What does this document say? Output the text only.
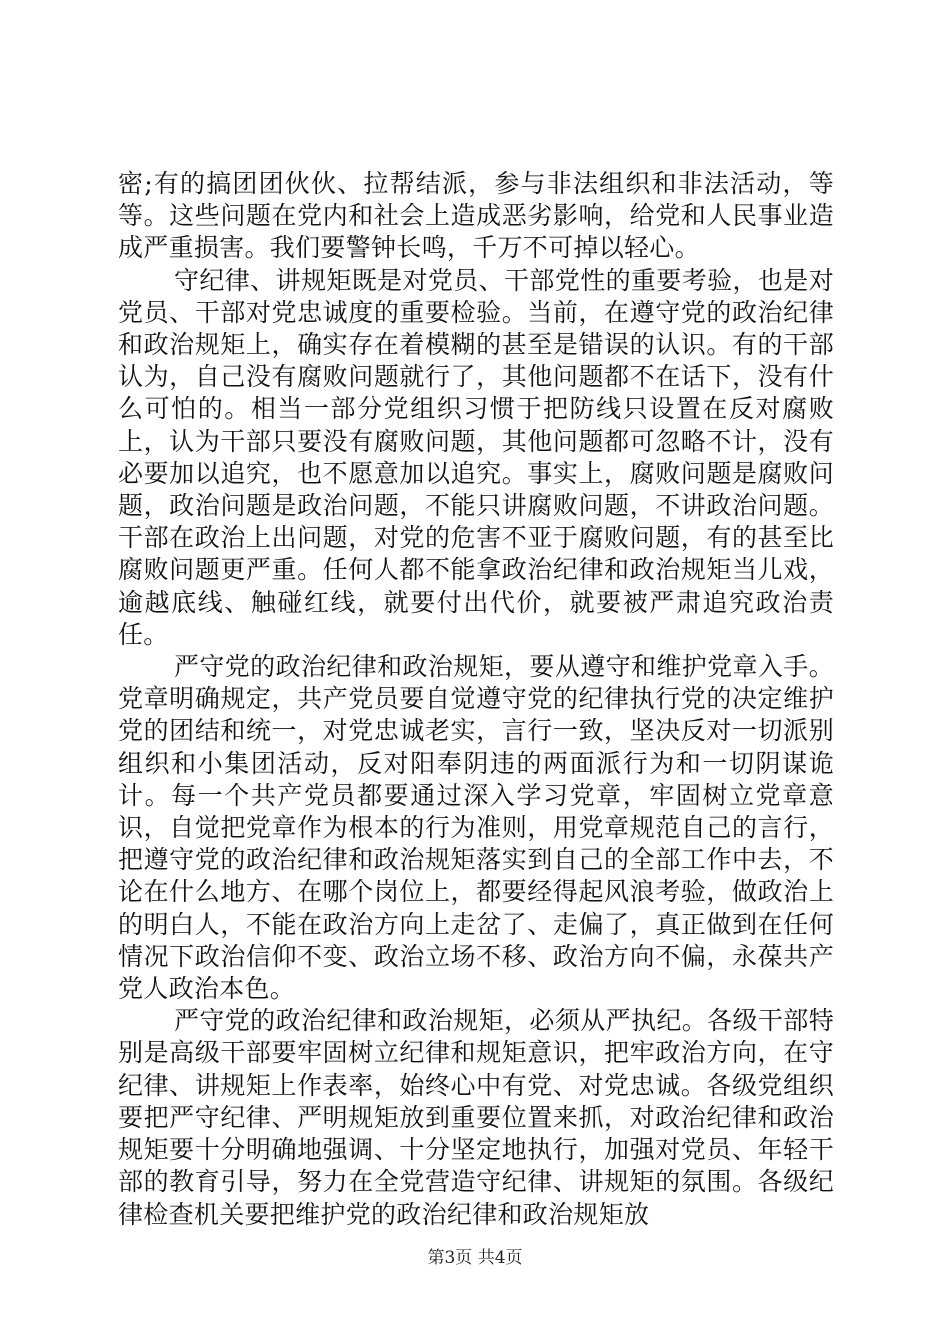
密;有的搞团团伙伙、拉帮结派，参与非法组织和非法活动，等等。这些问题在党内和社会上造成恶劣影响，给党和人民事业造成严重损害。我们要警钟长鸣，千万不可掉以轻心。

守纪律、讲规矩既是对党员、干部党性的重要考验，也是对党员、干部对党忠诚度的重要检验。当前，在遵守党的政治纪律和政治规矩上，确实存在着模糊的甚至是错误的认识。有的干部认为，自己没有腐败问题就行了，其他问题都不在话下，没有什么可怕的。相当一部分党组织习惯于把防线只设置在反对腐败上，认为干部只要没有腐败问题，其他问题都可忽略不计，没有必要加以追究，也不愿意加以追究。事实上，腐败问题是腐败问题，政治问题是政治问题，不能只讲腐败问题，不讲政治问题。干部在政治上出问题，对党的危害不亚于腐败问题，有的甚至比腐败问题更严重。任何人都不能拿政治纪律和政治规矩当儿戏，逾越底线、触碰红线，就要付出代价，就要被严肃追究政治责任。

严守党的政治纪律和政治规矩，要从遵守和维护党章入手。党章明确规定，共产党员要自觉遵守党的纪律执行党的决定维护党的团结和统一，对党忠诚老实，言行一致，坚决反对一切派别组织和小集团活动，反对阳奉阴违的两面派行为和一切阴谋诡计。每一个共产党员都要通过深入学习党章，牢固树立党章意识，自觉把党章作为根本的行为准则，用党章规范自己的言行，把遵守党的政治纪律和政治规矩落实到自己的全部工作中去，不论在什么地方、在哪个岗位上，都要经得起风浪考验，做政治上的明白人，不能在政治方向上走岔了、走偏了，真正做到在任何情况下政治信仰不变、政治立场不移、政治方向不偏，永葆共产党人政治本色。

严守党的政治纪律和政治规矩，必须从严执纪。各级干部特别是高级干部要牢固树立纪律和规矩意识，把牢政治方向，在守纪律、讲规矩上作表率，始终心中有党、对党忠诚。各级党组织要把严守纪律、严明规矩放到重要位置来抓，对政治纪律和政治规矩要十分明确地强调、十分坚定地执行，加强对党员、年轻干部的教育引导，努力在全党营造守纪律、讲规矩的氛围。各级纪律检查机关要把维护党的政治纪律和政治规矩放

第3页 共4页
